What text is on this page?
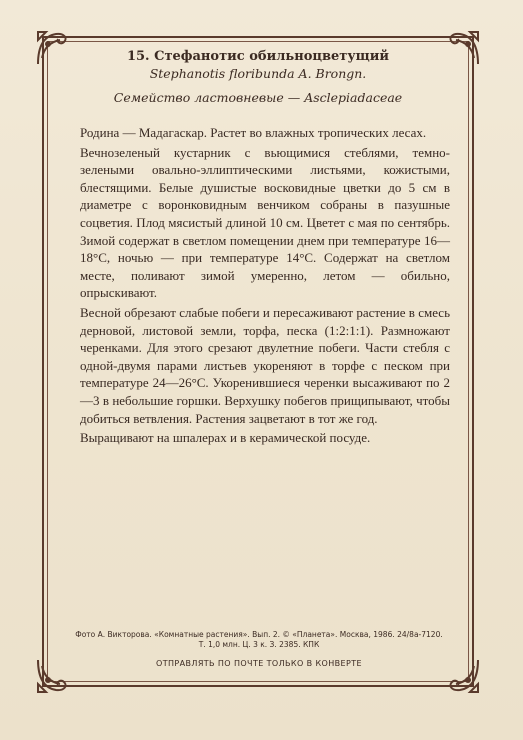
15. Стефанотис обильноцветущий
Stephanotis floribunda A. Brongn.
Семейство ластовневые — Asclepiadaceae

Родина — Мадагаскар. Растет во влажных тропических лесах.

Вечнозеленый кустарник с вьющимися стеблями, темно-зелеными овально-эллиптическими листьями, кожистыми, блестящими. Белые душистые восковидные цветки до 5 см в диаметре с воронковидным венчиком собраны в пазушные соцветия. Плод мясистый длиной 10 см. Цветет с мая по сентябрь. Зимой содержат в светлом помещении днем при температуре 16—18°С, ночью — при температуре 14°С. Содержат на светлом месте, поливают зимой умеренно, летом — обильно, опрыскивают.

Весной обрезают слабые побеги и пересаживают растение в смесь дерновой, листовой земли, торфа, песка (1:2:1:1). Размножают черенками. Для этого срезают двулетние побеги. Части стебля с одной-двумя парами листьев укореняют в торфе с песком при температуре 24—26°С. Укоренившиеся черенки высаживают по 2—3 в небольшие горшки. Верхушку побегов прищипывают, чтобы добиться ветвления. Растения зацветают в тот же год.

Выращивают на шпалерах и в керамической посуде.

Фото А. Викторова. «Комнатные растения». Вып. 2. © «Планета». Москва, 1986. 24/8а-7120.
Т. 1,0 млн. Ц. 3 к. З. 2385. КПК
ОТПРАВЛЯТЬ ПО ПОЧТЕ ТОЛЬКО В КОНВЕРТЕ
